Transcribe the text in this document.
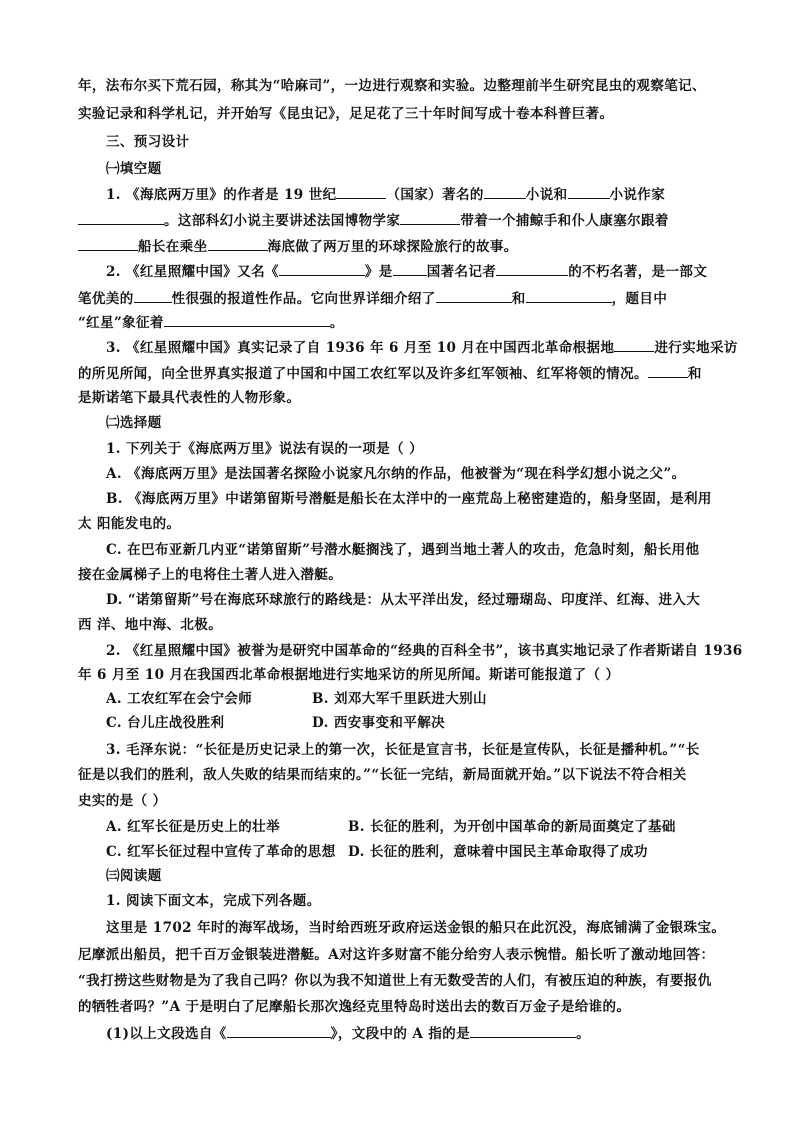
年，法布尔买下荒石园，称其为“哈麻司”，一边进行观察和实验。边整理前半生研究昆虫的观察笔记、
实验记录和科学札记，并开始写《昆虫记》，足足花了三十年时间写成十卷本科普巨著。
三、预习设计
㈠填空题
1. 《海底两万里》的作者是 19 世纪	（国家）著名的	小说和	小说作家
。这部科幻小说主要讲述法国博物学家	带着一个捕鲸手和仆人康塞尔跟着
船长在乘坐	海底做了两万里的环球探险旅行的故事。
2. 《红星照耀中国》又名《	》是	国著名记者	的不朽名著，是一部文
笔优美的	性很强的报道性作品。它向世界详细介绍了	和	，题目中
“红星”象征着	。
3. 《红星照耀中国》真实记录了自 1936 年 6 月至 10 月在中国西北革命根据地	进行实地采访
的所见所闻，向全世界真实报道了中国和中国工农红军以及许多红军领袖、红军将领的情况。	和
是斯诺笔下最具代表性的人物形象。
㈡选择题
1. 下列关于《海底两万里》说法有误的一项是（ ）
A. 《海底两万里》是法国著名探险小说家凡尔纳的作品，他被誉为“现在科学幻想小说之父”。
B. 《海底两万里》中诺第留斯号潜艇是船长在太洋中的一座荒岛上秘密建造的，船身坚固，是利用
太 阳能发电的。
C. 在巴布亚新几内亚“诺第留斯”号潜水艇搁浅了，遇到当地土著人的攻击，危急时刻，船长用他
接在金属梯子上的电将住土著人进入潜艇。
D. “诺第留斯”号在海底环球旅行的路线是：从太平洋出发，经过珊瑚岛、印度洋、红海、进入大
西 洋、地中海、北极。
2. 《红星照耀中国》被誉为是研究中国革命的“经典的百科全书”，该书真实地记录了作者斯诺自 1936
年 6 月至 10 月在我国西北革命根据地进行实地采访的所见所闻。斯诺可能报道了（ ）
A. 工农红军在会宁会师	B. 刘邓大军千里跃进大别山
C. 台儿庄战役胜利	D. 西安事变和平解决
3. 毛泽东说：“长征是历史记录上的第一次，长征是宣言书，长征是宣传队，长征是播种机。”“长
征是以我们的胜利，敌人失败的结果而结束的。”“长征一完结，新局面就开始。”以下说法不符合相关
史实的是（ ）
A. 红军长征是历史上的壮举	B. 长征的胜利，为开创中国革命的新局面奠定了基础
C. 红军长征过程中宣传了革命的思想 D. 长征的胜利，意味着中国民主革命取得了成功
㈢阅读题
1. 阅读下面文本，完成下列各题。
这里是 1702 年时的海军战场，当时给西班牙政府运送金银的船只在此沉没，海底铺满了金银珠宝。
尼摩派出船员，把千百万金银装进潜艇。A对这许多财富不能分给穷人表示惋惜。船长听了激动地回答：
“我打捞这些财物是为了我自己吗？你以为我不知道世上有无数受苦的人们，有被压迫的种族，有要报仇
的牺牲者吗？”A 于是明白了尼摩船长那次逸经克里特岛时送出去的数百万金子是给谁的。
(1)以上文段选自《	》，文段中的 A 指的是	。
